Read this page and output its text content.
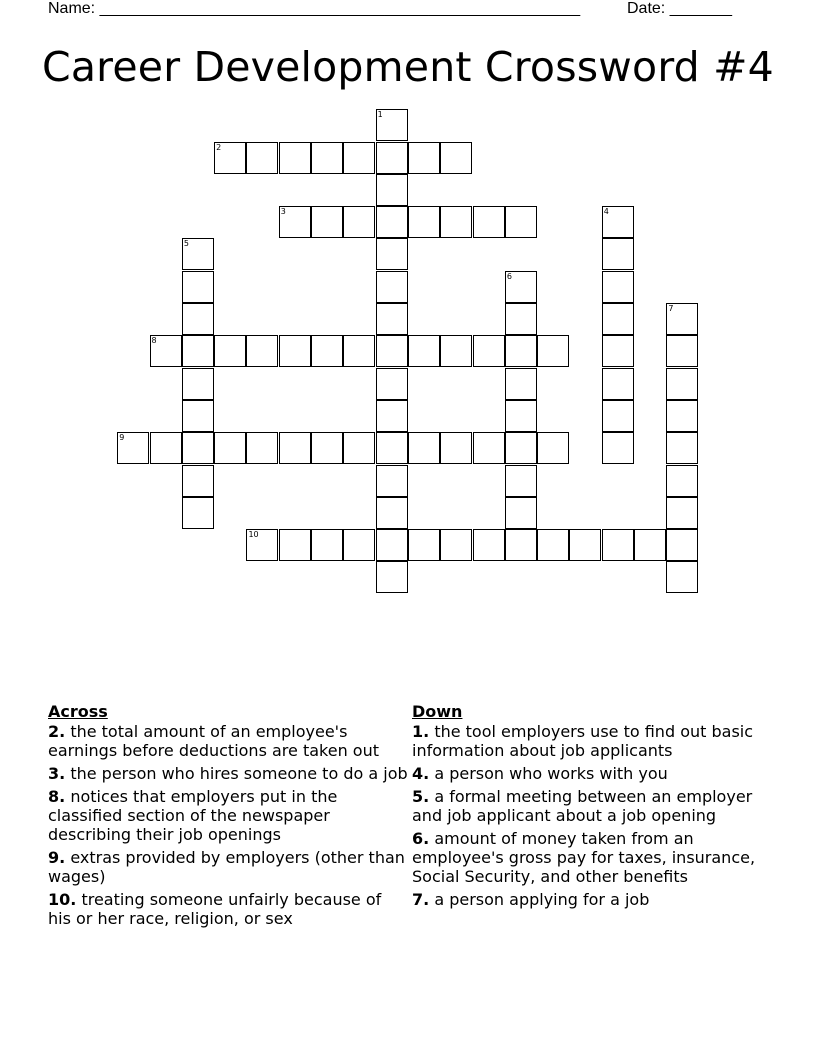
Name: ______________________________________________________	Date: _______
Career Development Crossword #4
1
2
3	4
5
6
7
8
9
10
Across
2. the total amount of an employee's earnings before deductions are taken out
3. the person who hires someone to do a job
8. notices that employers put in the classified section of the newspaper describing their job openings
9. extras provided by employers (other than wages)
10. treating someone unfairly because of his or her race, religion, or sex
Down
1. the tool employers use to find out basic information about job applicants
4. a person who works with you
5. a formal meeting between an employer and job applicant about a job opening
6. amount of money taken from an employee's gross pay for taxes, insurance, Social Security, and other benefits
7. a person applying for a job
